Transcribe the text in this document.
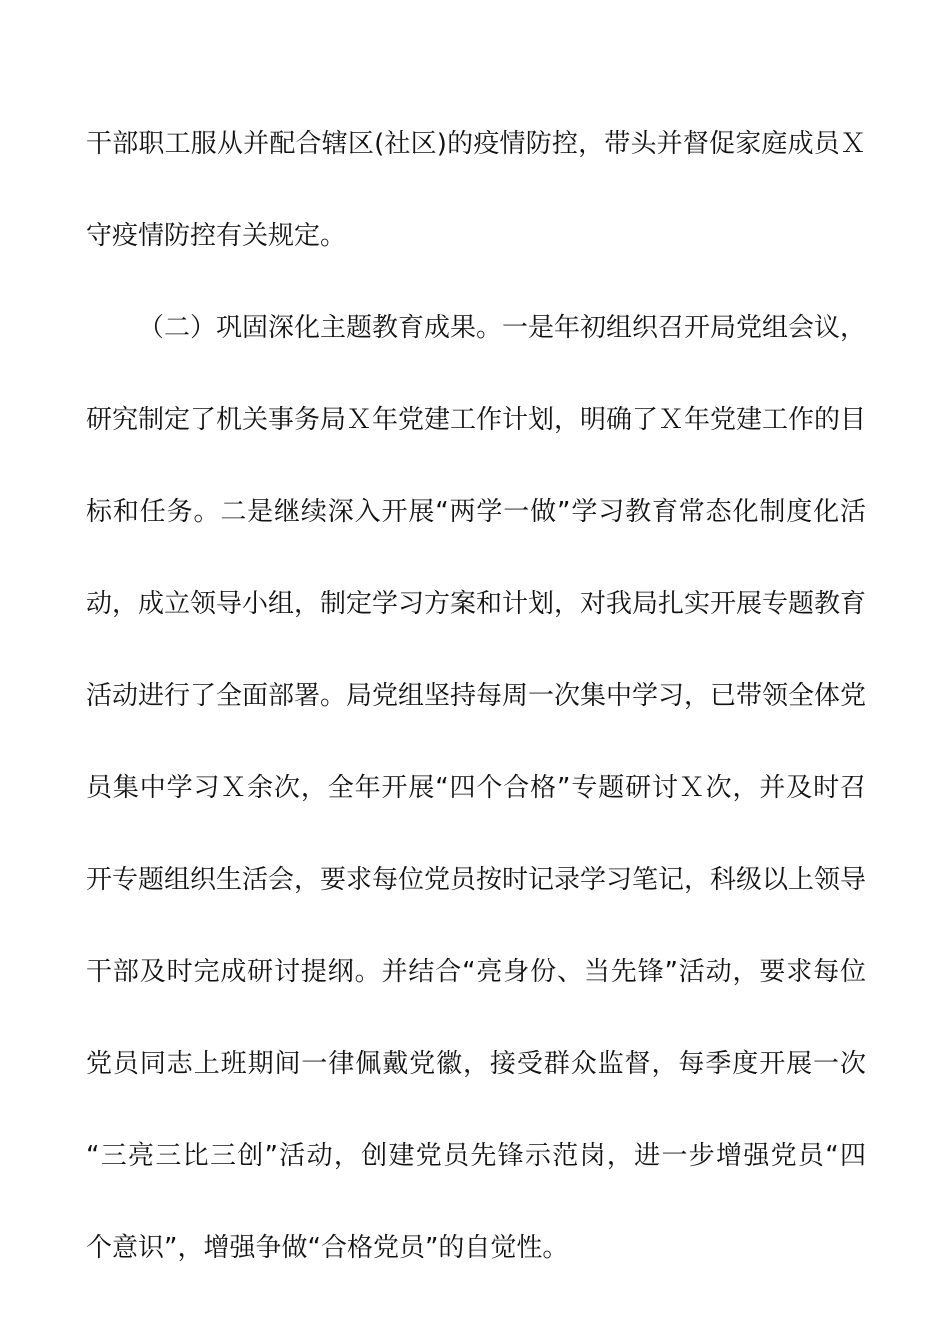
干部职工服从并配合辖区(社区)的疫情防控，带头并督促家庭成员Ｘ
守疫情防控有关规定。
（二）巩固深化主题教育成果。一是年初组织召开局党组会议，
研究制定了机关事务局Ｘ年党建工作计划，明确了Ｘ年党建工作的目
标和任务。二是继续深入开展“两学一做”学习教育常态化制度化活
动，成立领导小组，制定学习方案和计划，对我局扎实开展专题教育
活动进行了全面部署。局党组坚持每周一次集中学习，已带领全体党
员集中学习Ｘ余次，全年开展“四个合格”专题研讨Ｘ次，并及时召
开专题组织生活会，要求每位党员按时记录学习笔记，科级以上领导
干部及时完成研讨提纲。并结合“亮身份、当先锋”活动，要求每位
党员同志上班期间一律佩戴党徽，接受群众监督，每季度开展一次
“三亮三比三创”活动，创建党员先锋示范岗，进一步增强党员“四
个意识”，增强争做“合格党员”的自觉性。
